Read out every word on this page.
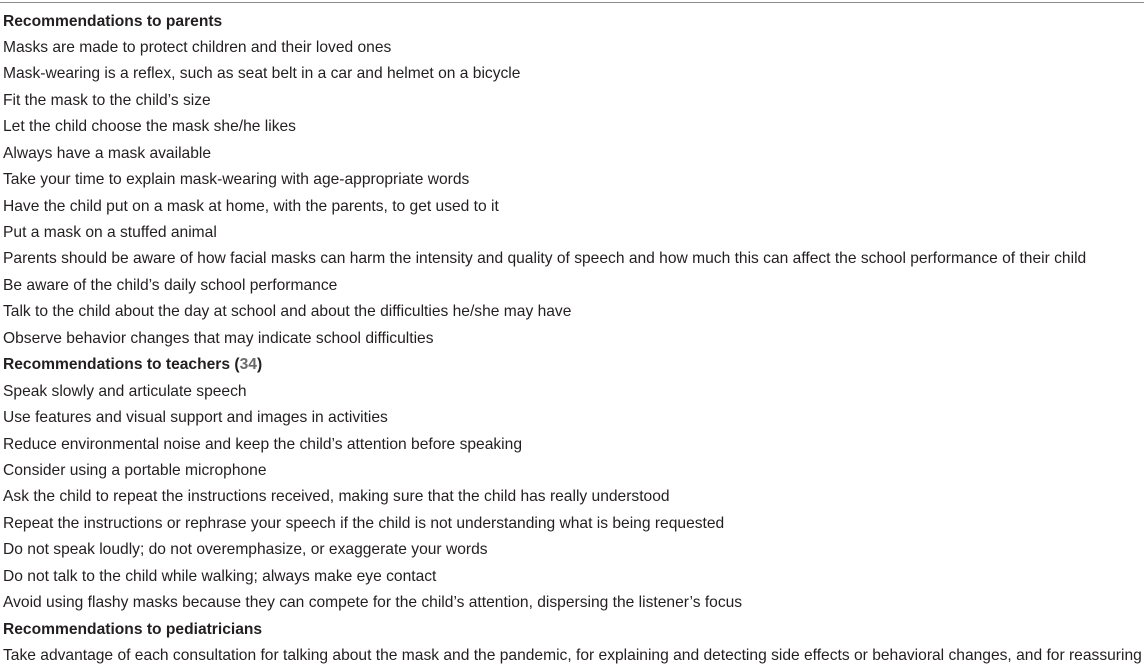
Recommendations to parents
Masks are made to protect children and their loved ones
Mask-wearing is a reflex, such as seat belt in a car and helmet on a bicycle
Fit the mask to the child’s size
Let the child choose the mask she/he likes
Always have a mask available
Take your time to explain mask-wearing with age-appropriate words
Have the child put on a mask at home, with the parents, to get used to it
Put a mask on a stuffed animal
Parents should be aware of how facial masks can harm the intensity and quality of speech and how much this can affect the school performance of their child
Be aware of the child’s daily school performance
Talk to the child about the day at school and about the difficulties he/she may have
Observe behavior changes that may indicate school difficulties
Recommendations to teachers (34)
Speak slowly and articulate speech
Use features and visual support and images in activities
Reduce environmental noise and keep the child’s attention before speaking
Consider using a portable microphone
Ask the child to repeat the instructions received, making sure that the child has really understood
Repeat the instructions or rephrase your speech if the child is not understanding what is being requested
Do not speak loudly; do not overemphasize, or exaggerate your words
Do not talk to the child while walking; always make eye contact
Avoid using flashy masks because they can compete for the child’s attention, dispersing the listener’s focus
Recommendations to pediatricians
Take advantage of each consultation for talking about the mask and the pandemic, for explaining and detecting side effects or behavioral changes, and for reassuring
